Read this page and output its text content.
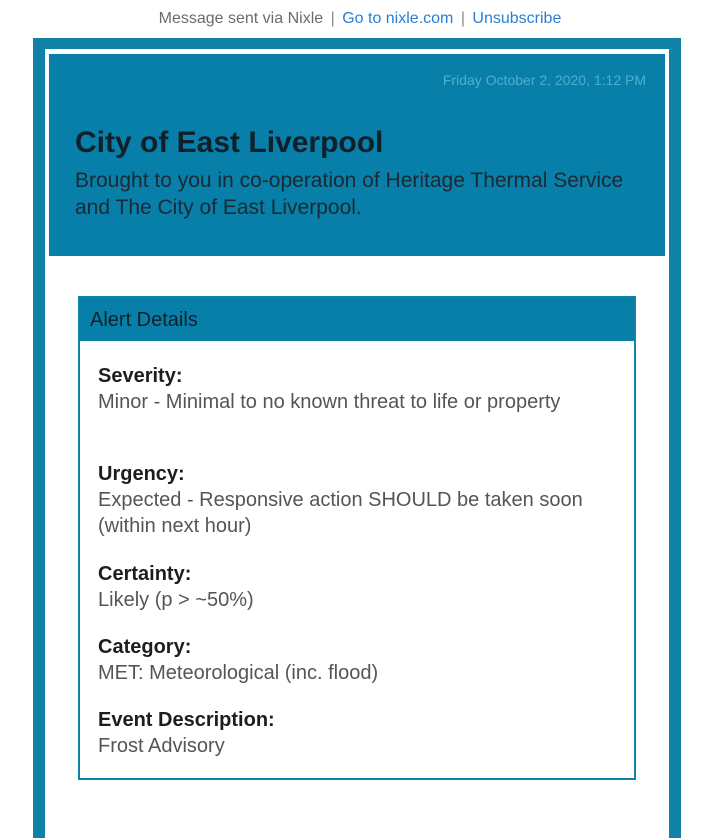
Message sent via Nixle | Go to nixle.com | Unsubscribe
Friday October 2, 2020, 1:12 PM
City of East Liverpool
Brought to you in co-operation of Heritage Thermal Service and The City of East Liverpool.
Alert Details
Severity:
Minor - Minimal to no known threat to life or property
Urgency:
Expected - Responsive action SHOULD be taken soon (within next hour)
Certainty:
Likely (p > ~50%)
Category:
MET: Meteorological (inc. flood)
Event Description:
Frost Advisory
